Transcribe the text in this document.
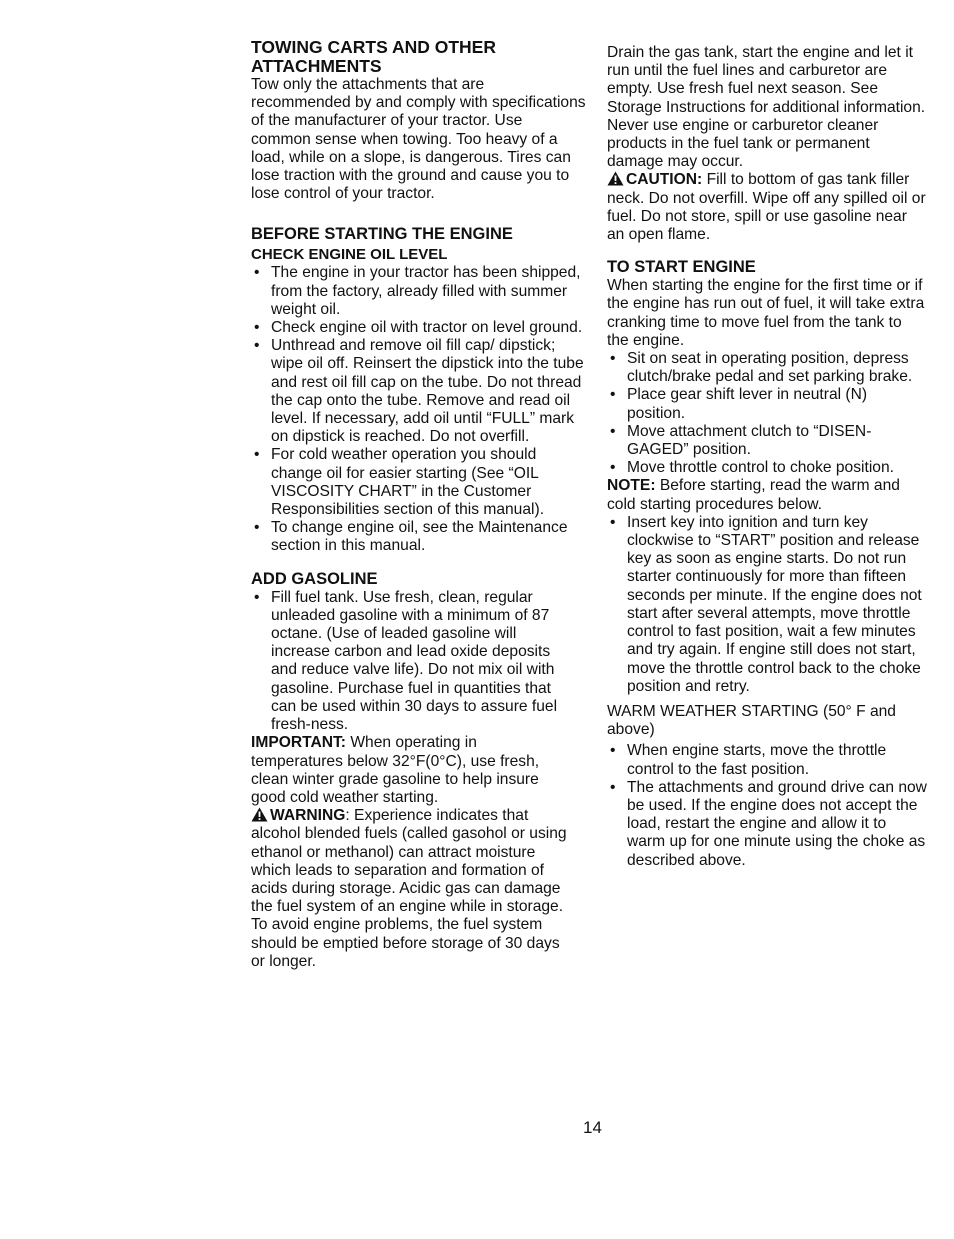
TOWING CARTS AND OTHER ATTACHMENTS

Tow only the attachments that are recommended by and comply with specifications of the manufacturer of your tractor. Use common sense when towing. Too heavy of a load, while on a slope, is dangerous. Tires can lose traction with the ground and cause you to lose control of your tractor.

BEFORE STARTING THE ENGINE
CHECK ENGINE OIL LEVEL
• The engine in your tractor has been shipped, from the factory, already filled with summer weight oil.
• Check engine oil with tractor on level ground.
• Unthread and remove oil fill cap/ dipstick; wipe oil off. Reinsert the dipstick into the tube and rest oil fill cap on the tube. Do not thread the cap onto the tube. Remove and read oil level. If necessary, add oil until “FULL” mark on dipstick is reached. Do not overfill.
• For cold weather operation you should change oil for easier starting (See “OIL VISCOSITY CHART” in the Customer Responsibilities section of this manual).
• To change engine oil, see the Maintenance section in this manual.
ADD GASOLINE
• Fill fuel tank. Use fresh, clean, regular unleaded gasoline with a minimum of 87 octane. (Use of leaded gasoline will increase carbon and lead oxide deposits and reduce valve life). Do not mix oil with gasoline. Purchase fuel in quantities that can be used within 30 days to assure fuel fresh-ness.

IMPORTANT: When operating in temperatures below 32°F(0°C), use fresh, clean winter grade gasoline to help insure good cold weather starting.

WARNING: Experience indicates that alcohol blended fuels (called gasohol or using ethanol or methanol) can attract moisture which leads to separation and formation of acids during storage. Acidic gas can damage the fuel system of an engine while in storage. To avoid engine problems, the fuel system should be emptied before storage of 30 days or longer.

Drain the gas tank, start the engine and let it run until the fuel lines and carburetor are empty. Use fresh fuel next season. See Storage Instructions for additional information. Never use engine or carburetor cleaner products in the fuel tank or permanent damage may occur.

CAUTION: Fill to bottom of gas tank filler neck. Do not overfill. Wipe off any spilled oil or fuel. Do not store, spill or use gasoline near an open flame.

TO START ENGINE

When starting the engine for the first time or if the engine has run out of fuel, it will take extra cranking time to move fuel from the tank to the engine.

• Sit on seat in operating position, depress clutch/brake pedal and set parking brake.
• Place gear shift lever in neutral (N) position.
• Move attachment clutch to “DISEN-GAGED” position.
• Move throttle control to choke position.

NOTE: Before starting, read the warm and cold starting procedures below.

• Insert key into ignition and turn key clockwise to “START” position and release key as soon as engine starts. Do not run starter continuously for more than fifteen seconds per minute. If the engine does not start after several attempts, move throttle control to fast position, wait a few minutes and try again. If engine still does not start, move the throttle control back to the choke position and retry.

WARM WEATHER STARTING (50° F and above)

• When engine starts, move the throttle control to the fast position.
• The attachments and ground drive can now be used. If the engine does not accept the load, restart the engine and allow it to warm up for one minute using the choke as described above.
14
